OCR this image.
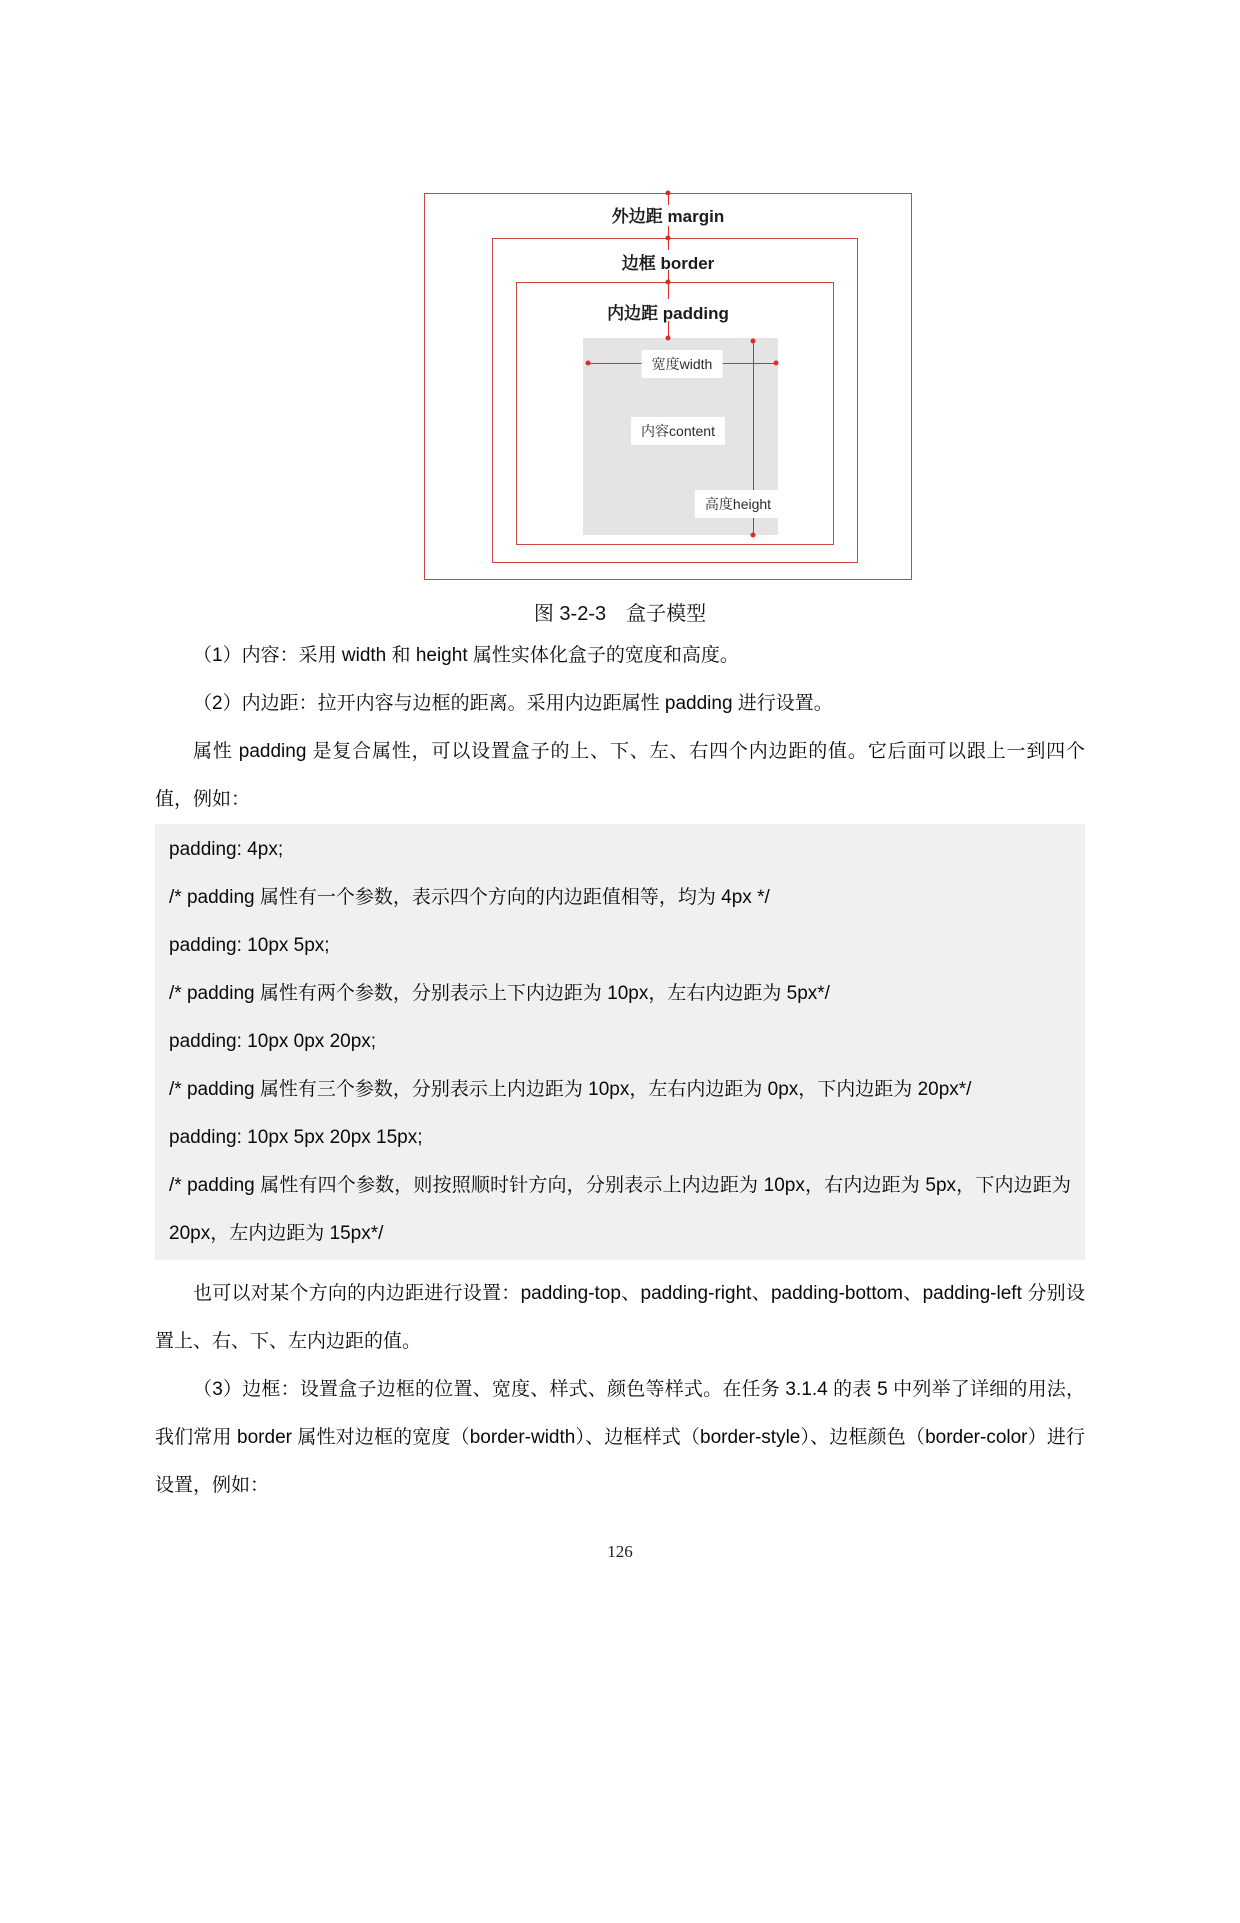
外边距 margin
边框 border
内边距 padding
宽度width
内容content
高度height
图 3-2-3　盒子模型

（1）内容：采用 width 和 height 属性实体化盒子的宽度和高度。

（2）内边距：拉开内容与边框的距离。采用内边距属性 padding 进行设置。

属性 padding 是复合属性，可以设置盒子的上、下、左、右四个内边距的值。它后面可以跟上一到四个值，例如：

padding: 4px;
/* padding 属性有一个参数，表示四个方向的内边距值相等，均为 4px */
padding: 10px 5px;
/* padding 属性有两个参数，分别表示上下内边距为 10px，左右内边距为 5px*/
padding: 10px 0px 20px;
/* padding 属性有三个参数，分别表示上内边距为 10px，左右内边距为 0px，下内边距为 20px*/
padding: 10px 5px 20px 15px;
/* padding 属性有四个参数，则按照顺时针方向，分别表示上内边距为 10px，右内边距为 5px，下内边距为 20px，左内边距为 15px*/

也可以对某个方向的内边距进行设置：padding-top、padding-right、padding-bottom、padding-left 分别设置上、右、下、左内边距的值。

（3）边框：设置盒子边框的位置、宽度、样式、颜色等样式。在任务 3.1.4 的表 5 中列举了详细的用法，我们常用 border 属性对边框的宽度（border-width）、边框样式（border-style）、边框颜色（border-color）进行设置，例如：

126
